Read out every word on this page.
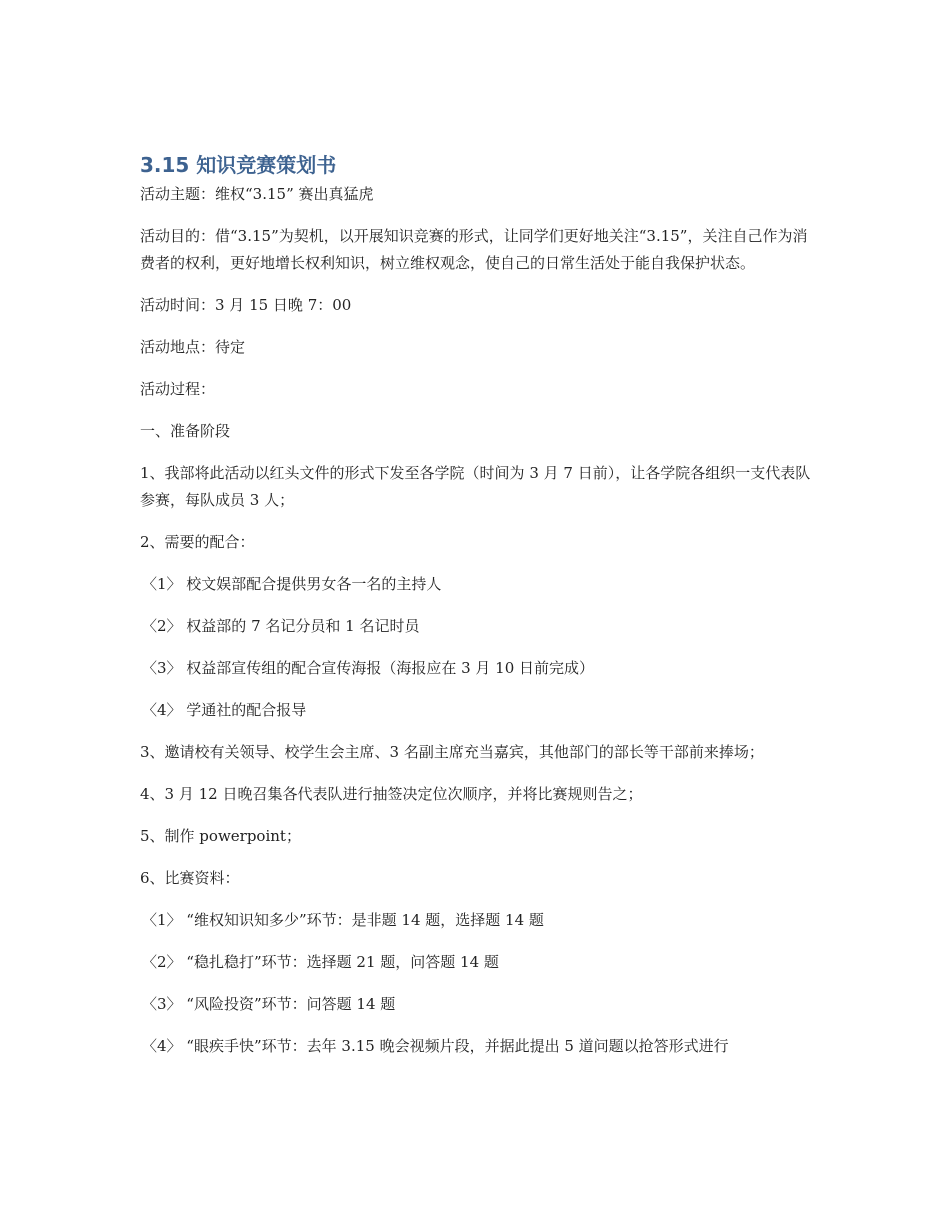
3.15 知识竞赛策划书

活动主题：维权“3.15” 赛出真猛虎

活动目的：借“3.15”为契机，以开展知识竞赛的形式，让同学们更好地关注“3.15”，关注自己作为消费者的权利，更好地增长权利知识，树立维权观念，使自己的日常生活处于能自我保护状态。

活动时间：3 月 15 日晚 7：00

活动地点：待定

活动过程：

一、准备阶段

1、我部将此活动以红头文件的形式下发至各学院（时间为 3 月 7 日前），让各学院各组织一支代表队参赛，每队成员 3 人；

2、需要的配合：

〈1〉 校文娱部配合提供男女各一名的主持人

〈2〉 权益部的 7 名记分员和 1 名记时员

〈3〉 权益部宣传组的配合宣传海报（海报应在 3 月 10 日前完成）

〈4〉 学通社的配合报导

3、邀请校有关领导、校学生会主席、3 名副主席充当嘉宾，其他部门的部长等干部前来捧场；

4、3 月 12 日晚召集各代表队进行抽签决定位次顺序，并将比赛规则告之；

5、制作 powerpoint；

6、比赛资料：

〈1〉 “维权知识知多少”环节：是非题 14 题，选择题 14 题

〈2〉 “稳扎稳打”环节：选择题 21 题，问答题 14 题

〈3〉 “风险投资”环节：问答题 14 题

〈4〉 “眼疾手快”环节：去年 3.15 晚会视频片段，并据此提出 5 道问题以抢答形式进行
